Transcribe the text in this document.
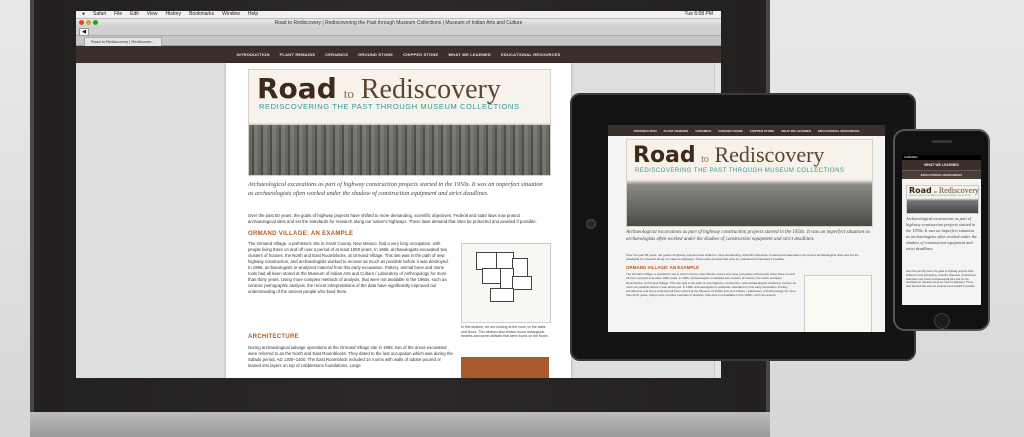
● Safari File Edit View History Bookmarks Window Help	Tue 6:08 PM
Road to Rediscovery | Rediscovering the Past through Museum Collections | Museum of Indian Arts and Culture
◀
Road to Rediscovery | Rediscover...
INTRODUCTION	PLANT REMAINS	CERAMICS	GROUND STONE	CHIPPED STONE	WHAT WE LEARNED	EDUCATIONAL RESOURCES
Road to Rediscovery
REDISCOVERING THE PAST THROUGH MUSEUM COLLECTIONS
Archaeological excavations as part of highway construction projects started in the 1950s. It was an imperfect situation as archaeologists often worked under the shadow of construction equipment and strict deadlines.
Over the past 50 years, the goals of highway projects have shifted to more demanding, scientific objectives. Federal and state laws now protect archaeological sites and set the standards for research along our nation's highways. These laws demand that sites be protected and avoided if possible.
ORMAND VILLAGE: AN EXAMPLE
The Ormand Village, a prehistoric site in Grant County, New Mexico, had a very long occupation, with people living there on and off over a period of at least 1000 years. In 1966, archaeologists excavated two clusters of houses, the North and East Roomblocks, at Ormand Village. This site was in the path of new highway construction, and archaeologists worked to recover as much as possible before it was destroyed. In 1996, archaeologists re-analyzed material from this early excavation. Pottery, animal bone and stone tools had all been stored at the Museum of Indian Arts and Culture / Laboratory of Anthropology for more than thirty years. Using more complex methods of analysis, that were not available in the 1960s, such as ceramic petrographic analysis, the recent interpretations of the data have significantly improved our understanding of the ancient people who lived there.
In this stratum, we are looking at the room on the walls and floors. This stratum also shows round rectangular, hearths and some artifacts that were found on the floors.
ARCHITECTURE
During archaeological salvage operations at the Ormand Village site in 1966, two of the areas excavated were referred to as the North and East Roomblocks. They dated to the last occupation which was during the Salado period, AD 1300–1400. The East Roomblock included 14 rooms with walls of adobe poured or leaned into layers on top of cobblestone foundations. Large
INTRODUCTION PLANT REMAINS CERAMICS GROUND STONE CHIPPED STONE WHAT WE LEARNED EDUCATIONAL RESOURCES
Road to Rediscovery
REDISCOVERING THE PAST THROUGH MUSEUM COLLECTIONS
Archaeological excavations as part of highway construction projects started in the 1950s. It was an imperfect situation as archaeologists often worked under the shadow of construction equipment and strict deadlines.
Over the past 50 years, the goals of highway projects have shifted to more demanding, scientific objectives. Federal and state laws now protect archaeological sites and set the standards for research along our nation's highways. These laws demand that sites be protected and avoided if possible.
ORMAND VILLAGE: AN EXAMPLE
The Ormand Village, a prehistoric site in Grant County, New Mexico, had a very long occupation with people living there on and off over a period of at least 1000 years. In 1966, archaeologists excavated two clusters of houses, the North and East Roomblocks, at Ormand Village. This site was in the path of new highway construction, and archaeologists worked to recover as much as possible before it was destroyed. In 1996, archaeologists re-analyzed material from this early excavation. Pottery, animal bone and stone tools had all been stored at the Museum of Indian Arts and Culture / Laboratory of Anthropology for more than thirty years. Using more complex methods of analysis, that were not available in the 1960s, such as ceramic
CARRIER
WHAT WE LEARNED
EDUCATIONAL RESOURCES
Road to Rediscovery
REDISCOVERING THE PAST THROUGH MUSEUM COLLECTIONS
Archaeological excavations as part of highway construction projects started in the 1950s. It was an imperfect situation as archaeologists often worked under the shadow of construction equipment and strict deadlines.
Over the past 50 years, the goals of highway projects have shifted to more demanding, scientific objectives. Federal and state laws now protect archaeological sites and set the standards for research along our nation's highways. These laws demand that sites be protected and avoided if possible.
